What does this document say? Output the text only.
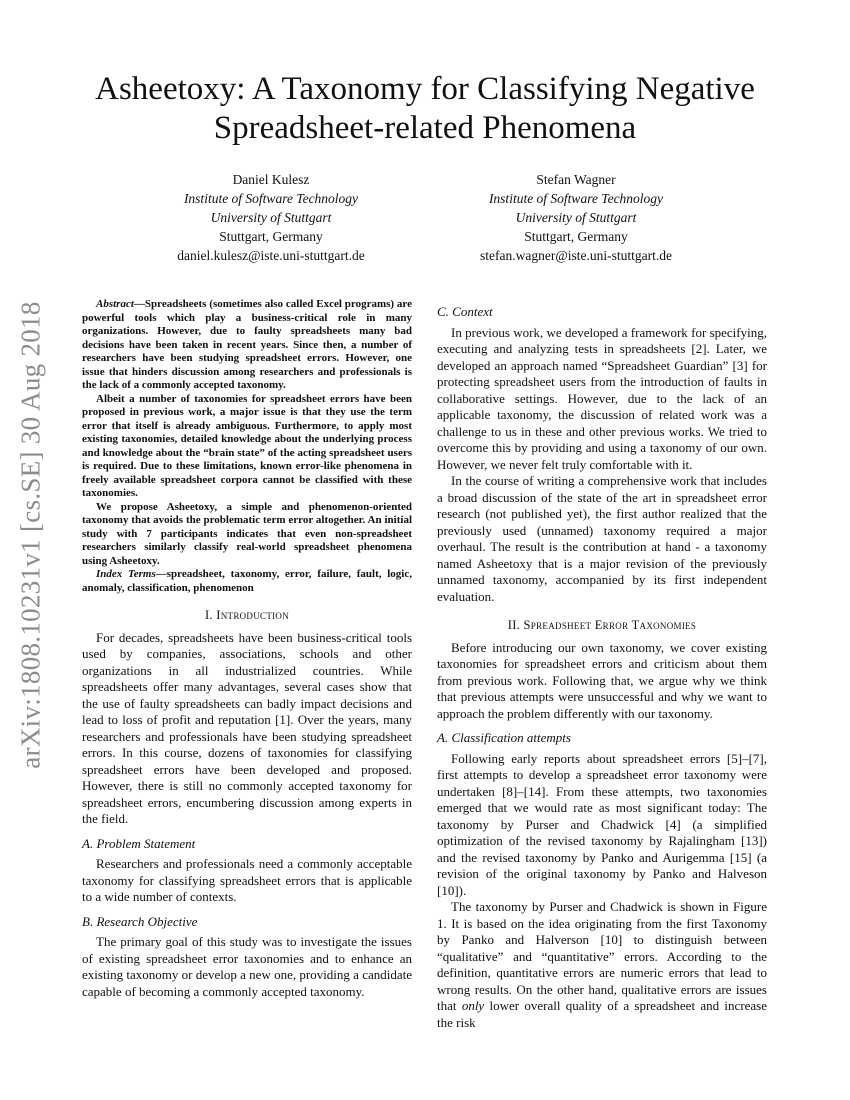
Asheetoxy: A Taxonomy for Classifying Negative
Spreadsheet-related Phenomena
Daniel Kulesz
Institute of Software Technology
University of Stuttgart
Stuttgart, Germany
daniel.kulesz@iste.uni-stuttgart.de
Stefan Wagner
Institute of Software Technology
University of Stuttgart
Stuttgart, Germany
stefan.wagner@iste.uni-stuttgart.de
arXiv:1808.10231v1 [cs.SE] 30 Aug 2018	Abstract—Spreadsheets (sometimes also called Excel programs) are powerful tools which play a business-critical role in many organizations. However, due to faulty spreadsheets many bad decisions have been taken in recent years. Since then, a number of researchers have been studying spreadsheet errors. However, one issue that hinders discussion among researchers and professionals is the lack of a commonly accepted taxonomy.

Albeit a number of taxonomies for spreadsheet errors have been proposed in previous work, a major issue is that they use the term error that itself is already ambiguous. Furthermore, to apply most existing taxonomies, detailed knowledge about the underlying process and knowledge about the “brain state” of the acting spreadsheet users is required. Due to these limitations, known error-like phenomena in freely available spreadsheet corpora cannot be classified with these taxonomies.

We propose Asheetoxy, a simple and phenomenon-oriented taxonomy that avoids the problematic term error altogether. An initial study with 7 participants indicates that even non-spreadsheet researchers similarly classify real-world spreadsheet phenomena using Asheetoxy.

Index Terms—spreadsheet, taxonomy, error, failure, fault, logic, anomaly, classification, phenomenon

I. Introduction

For decades, spreadsheets have been business-critical tools used by companies, associations, schools and other organizations in all industrialized countries. While spreadsheets offer many advantages, several cases show that the use of faulty spreadsheets can badly impact decisions and lead to loss of profit and reputation [1]. Over the years, many researchers and professionals have been studying spreadsheet errors. In this course, dozens of taxonomies for classifying spreadsheet errors have been developed and proposed. However, there is still no commonly accepted taxonomy for spreadsheet errors, encumbering discussion among experts in the field.

A. Problem Statement

Researchers and professionals need a commonly acceptable taxonomy for classifying spreadsheet errors that is applicable to a wide number of contexts.

B. Research Objective

The primary goal of this study was to investigate the issues of existing spreadsheet error taxonomies and to enhance an existing taxonomy or develop a new one, providing a candidate capable of becoming a commonly accepted taxonomy.

C. Context

In previous work, we developed a framework for specifying, executing and analyzing tests in spreadsheets [2]. Later, we developed an approach named “Spreadsheet Guardian” [3] for protecting spreadsheet users from the introduction of faults in collaborative settings. However, due to the lack of an applicable taxonomy, the discussion of related work was a challenge to us in these and other previous works. We tried to overcome this by providing and using a taxonomy of our own. However, we never felt truly comfortable with it.

In the course of writing a comprehensive work that includes a broad discussion of the state of the art in spreadsheet error research (not published yet), the first author realized that the previously used (unnamed) taxonomy required a major overhaul. The result is the contribution at hand - a taxonomy named Asheetoxy that is a major revision of the previously unnamed taxonomy, accompanied by its first independent evaluation.

II. Spreadsheet Error Taxonomies

Before introducing our own taxonomy, we cover existing taxonomies for spreadsheet errors and criticism about them from previous work. Following that, we argue why we think that previous attempts were unsuccessful and why we want to approach the problem differently with our taxonomy.

A. Classification attempts

Following early reports about spreadsheet errors [5]–[7], first attempts to develop a spreadsheet error taxonomy were undertaken [8]–[14]. From these attempts, two taxonomies emerged that we would rate as most significant today: The taxonomy by Purser and Chadwick [4] (a simplified optimization of the revised taxonomy by Rajalingham [13]) and the revised taxonomy by Panko and Aurigemma [15] (a revision of the original taxonomy by Panko and Halveson [10]).

The taxonomy by Purser and Chadwick is shown in Figure 1. It is based on the idea originating from the first Taxonomy by Panko and Halverson [10] to distinguish between “qualitative” and “quantitative” errors. According to the definition, quantitative errors are numeric errors that lead to wrong results. On the other hand, qualitative errors are issues that only lower overall quality of a spreadsheet and increase the risk
